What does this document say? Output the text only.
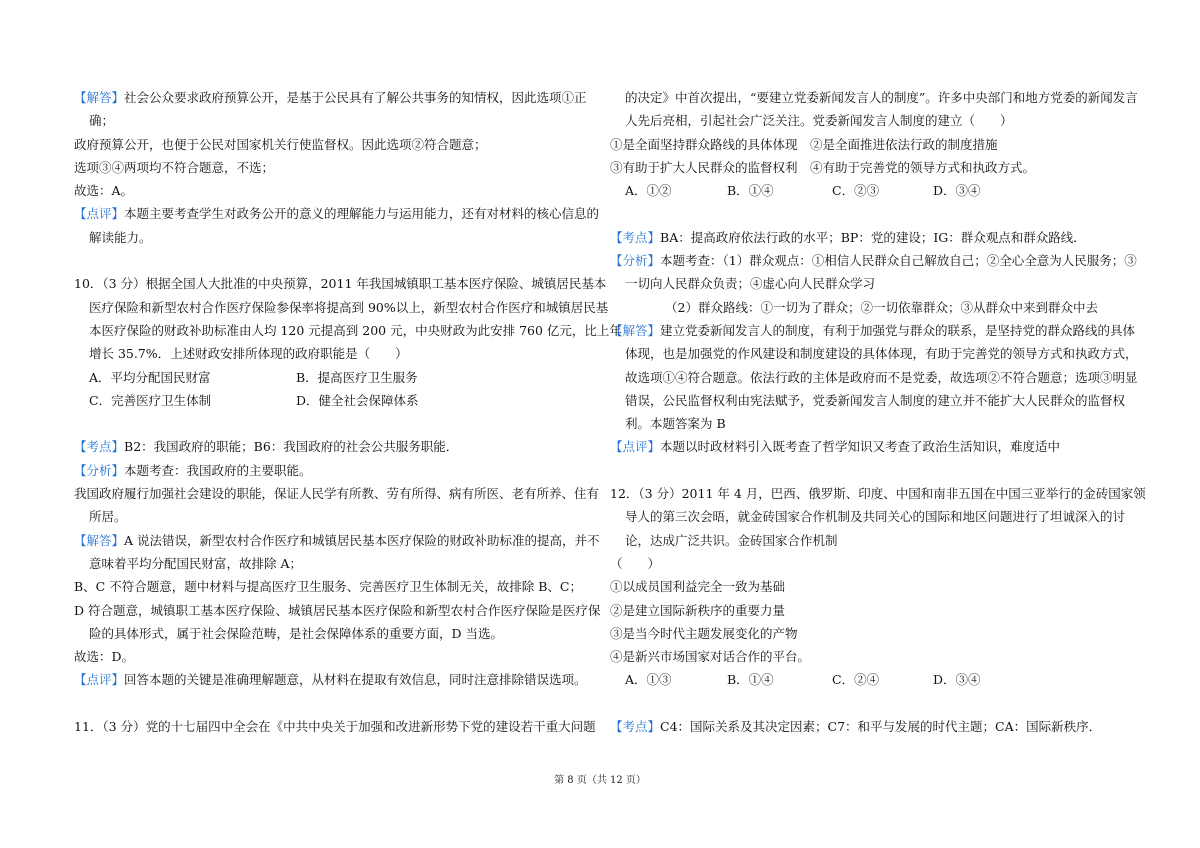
【解答】社会公众要求政府预算公开，是基于公民具有了解公共事务的知情权，因此选项①正
确；
政府预算公开，也便于公民对国家机关行使监督权。因此选项②符合题意；
选项③④两项均不符合题意，不选；
故选：A。
【点评】本题主要考查学生对政务公开的意义的理解能力与运用能力，还有对材料的核心信息的
解读能力。
10．（3 分）根据全国人大批准的中央预算，2011 年我国城镇职工基本医疗保险、城镇居民基本
医疗保险和新型农村合作医疗保险参保率将提高到 90%以上，新型农村合作医疗和城镇居民基
本医疗保险的财政补助标准由人均 120 元提高到 200 元，中央财政为此安排 760 亿元，比上年
增长 35.7%．上述财政安排所体现的政府职能是（　　）
A．平均分配国民财富	B．提高医疗卫生服务
C．完善医疗卫生体制	D．健全社会保障体系
【考点】B2：我国政府的职能；B6：我国政府的社会公共服务职能．
【分析】本题考查：我国政府的主要职能。
我国政府履行加强社会建设的职能，保证人民学有所教、劳有所得、病有所医、老有所养、住有
所居。
【解答】A 说法错误，新型农村合作医疗和城镇居民基本医疗保险的财政补助标准的提高，并不
意味着平均分配国民财富，故排除 A；
B、C 不符合题意，题中材料与提高医疗卫生服务、完善医疗卫生体制无关，故排除 B、C；
D 符合题意，城镇职工基本医疗保险、城镇居民基本医疗保险和新型农村合作医疗保险是医疗保
险的具体形式，属于社会保险范畴，是社会保障体系的重要方面，D 当选。
故选：D。
【点评】回答本题的关键是准确理解题意，从材料在提取有效信息，同时注意排除错误选项。
11．（3 分）党的十七届四中全会在《中共中央关于加强和改进新形势下党的建设若干重大问题
的决定》中首次提出，“要建立党委新闻发言人的制度”。许多中央部门和地方党委的新闻发言
人先后亮相，引起社会广泛关注。党委新闻发言人制度的建立（　　）
①是全面坚持群众路线的具体体现　②是全面推进依法行政的制度措施
③有助于扩大人民群众的监督权利　④有助于完善党的领导方式和执政方式。
A．①②	B．①④	C．②③	D．③④
【考点】BA：提高政府依法行政的水平；BP：党的建设；IG：群众观点和群众路线．
【分析】本题考查：（1）群众观点：①相信人民群众自己解放自己；②全心全意为人民服务；③
一切向人民群众负责；④虚心向人民群众学习
（2）群众路线：①一切为了群众；②一切依靠群众；③从群众中来到群众中去
【解答】建立党委新闻发言人的制度，有利于加强党与群众的联系，是坚持党的群众路线的具体
体现，也是加强党的作风建设和制度建设的具体体现，有助于完善党的领导方式和执政方式，
故选项①④符合题意。依法行政的主体是政府而不是党委，故选项②不符合题意；选项③明显
错误，公民监督权利由宪法赋予，党委新闻发言人制度的建立并不能扩大人民群众的监督权
利。本题答案为 B
【点评】本题以时政材料引入既考查了哲学知识又考查了政治生活知识，难度适中
12．（3 分）2011 年 4 月，巴西、俄罗斯、印度、中国和南非五国在中国三亚举行的金砖国家领
导人的第三次会晤，就金砖国家合作机制及共同关心的国际和地区问题进行了坦诚深入的讨
论，达成广泛共识。金砖国家合作机制
（　　）
①以成员国利益完全一致为基础
②是建立国际新秩序的重要力量
③是当今时代主题发展变化的产物
④是新兴市场国家对话合作的平台。
A．①③	B．①④	C．②④	D．③④
【考点】C4：国际关系及其决定因素；C7：和平与发展的时代主题；CA：国际新秩序．
第 8 页（共 12 页）
